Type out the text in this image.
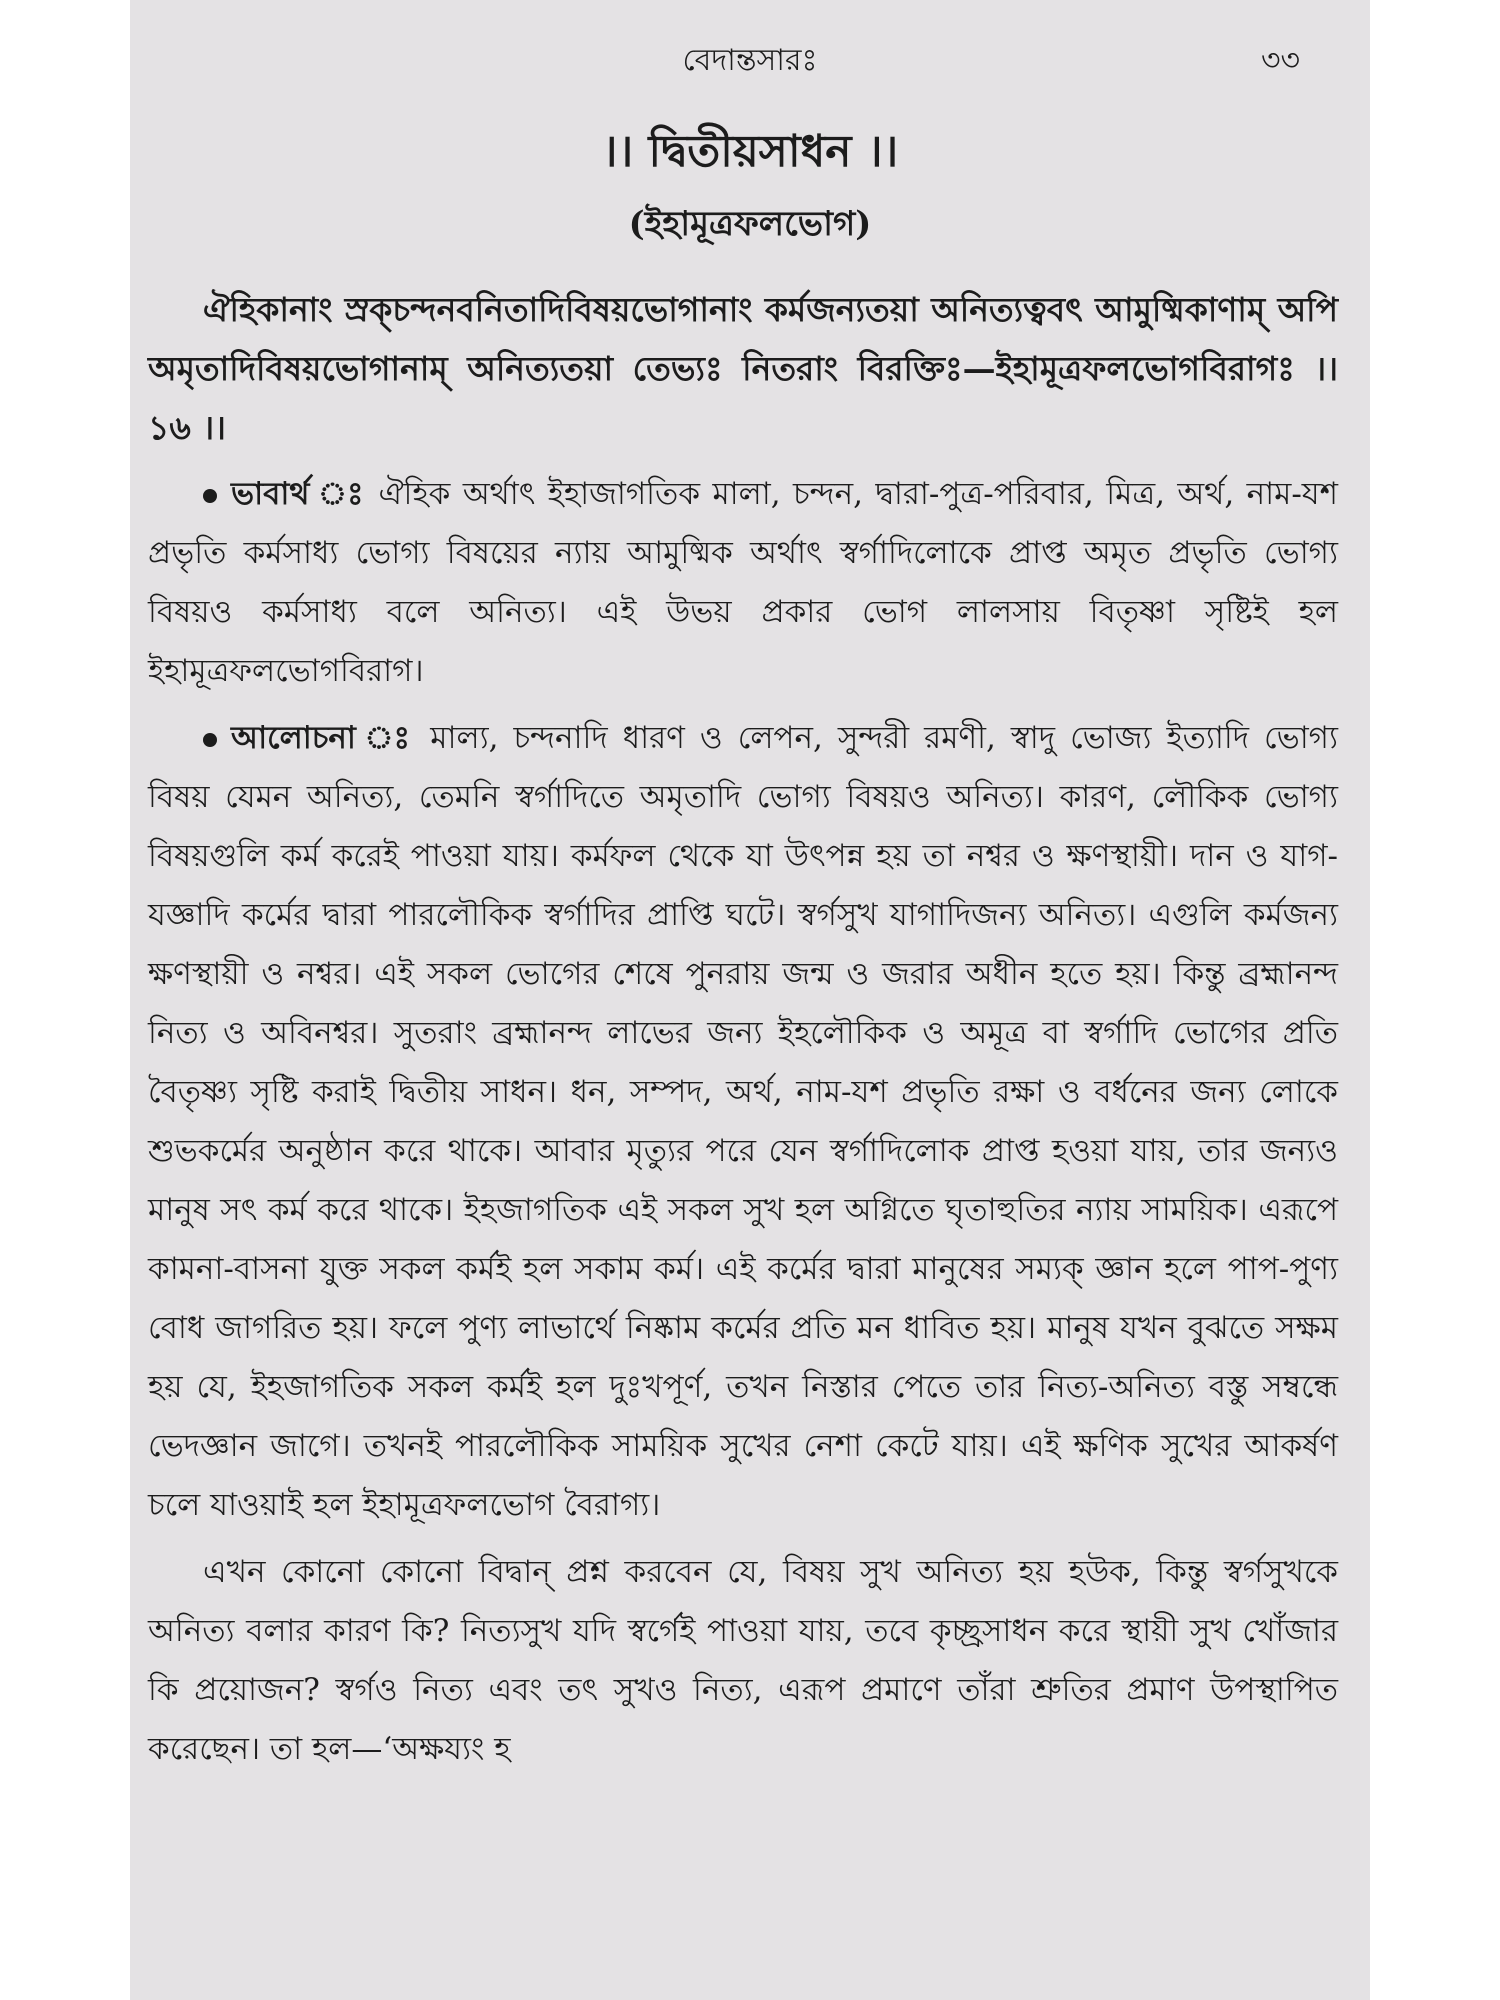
বেদান্তসারঃ	৩৩
।। দ্বিতীয়সাধন ।।
(ইহামূত্রফলভোগ)

ঐহিকানাং স্রক্চন্দনবনিতাদিবিষয়ভোগানাং কর্মজন্যতয়া অনিত্যত্ববৎ আমুষ্মিকাণাম্ অপি অমৃতাদিবিষয়ভোগানাম্ অনিত্যতয়া তেভ্যঃ নিতরাং বিরক্তিঃ—ইহামূত্রফলভোগবিরাগঃ ।। ১৬ ।।

ভাবার্থ ঃ ঐহিক অর্থাৎ ইহাজাগতিক মালা, চন্দন, দ্বারা-পুত্র-পরিবার, মিত্র, অর্থ, নাম-যশ প্রভৃতি কর্মসাধ্য ভোগ্য বিষয়ের ন্যায় আমুষ্মিক অর্থাৎ স্বর্গাদিলোকে প্রাপ্ত অমৃত প্রভৃতি ভোগ্য বিষয়ও কর্মসাধ্য বলে অনিত্য। এই উভয় প্রকার ভোগ লালসায় বিতৃষ্ণা সৃষ্টিই হল ইহামূত্রফলভোগবিরাগ।

আলোচনা ঃ মাল্য, চন্দনাদি ধারণ ও লেপন, সুন্দরী রমণী, স্বাদু ভোজ্য ইত্যাদি ভোগ্য বিষয় যেমন অনিত্য, তেমনি স্বর্গাদিতে অমৃতাদি ভোগ্য বিষয়ও অনিত্য। কারণ, লৌকিক ভোগ্য বিষয়গুলি কর্ম করেই পাওয়া যায়। কর্মফল থেকে যা উৎপন্ন হয় তা নশ্বর ও ক্ষণস্থায়ী। দান ও যাগ-যজ্ঞাদি কর্মের দ্বারা পারলৌকিক স্বর্গাদির প্রাপ্তি ঘটে। স্বর্গসুখ যাগাদিজন্য অনিত্য। এগুলি কর্মজন্য ক্ষণস্থায়ী ও নশ্বর। এই সকল ভোগের শেষে পুনরায় জন্ম ও জরার অধীন হতে হয়। কিন্তু ব্রহ্মানন্দ নিত্য ও অবিনশ্বর। সুতরাং ব্রহ্মানন্দ লাভের জন্য ইহলৌকিক ও অমূত্র বা স্বর্গাদি ভোগের প্রতি বৈতৃষ্ণ্য সৃষ্টি করাই দ্বিতীয় সাধন। ধন, সম্পদ, অর্থ, নাম-যশ প্রভৃতি রক্ষা ও বর্ধনের জন্য লোকে শুভকর্মের অনুষ্ঠান করে থাকে। আবার মৃত্যুর পরে যেন স্বর্গাদিলোক প্রাপ্ত হওয়া যায়, তার জন্যও মানুষ সৎ কর্ম করে থাকে। ইহজাগতিক এই সকল সুখ হল অগ্নিতে ঘৃতাহুতির ন্যায় সাময়িক। এরূপে কামনা-বাসনা যুক্ত সকল কর্মই হল সকাম কর্ম। এই কর্মের দ্বারা মানুষের সম্যক্ জ্ঞান হলে পাপ-পুণ্য বোধ জাগরিত হয়। ফলে পুণ্য লাভার্থে নিষ্কাম কর্মের প্রতি মন ধাবিত হয়। মানুষ যখন বুঝতে সক্ষম হয় যে, ইহজাগতিক সকল কর্মই হল দুঃখপূর্ণ, তখন নিস্তার পেতে তার নিত্য-অনিত্য বস্তু সম্বন্ধে ভেদজ্ঞান জাগে। তখনই পারলৌকিক সাময়িক সুখের নেশা কেটে যায়। এই ক্ষণিক সুখের আকর্ষণ চলে যাওয়াই হল ইহামূত্রফলভোগ বৈরাগ্য।

এখন কোনো কোনো বিদ্বান্ প্রশ্ন করবেন যে, বিষয় সুখ অনিত্য হয় হউক, কিন্তু স্বর্গসুখকে অনিত্য বলার কারণ কি? নিত্যসুখ যদি স্বর্গেই পাওয়া যায়, তবে কৃচ্ছ্রসাধন করে স্থায়ী সুখ খোঁজার কি প্রয়োজন? স্বর্গও নিত্য এবং তৎ সুখও নিত্য, এরূপ প্রমাণে তাঁরা শ্রুতির প্রমাণ উপস্থাপিত করেছেন। তা হল—‘অক্ষয্যং হ
